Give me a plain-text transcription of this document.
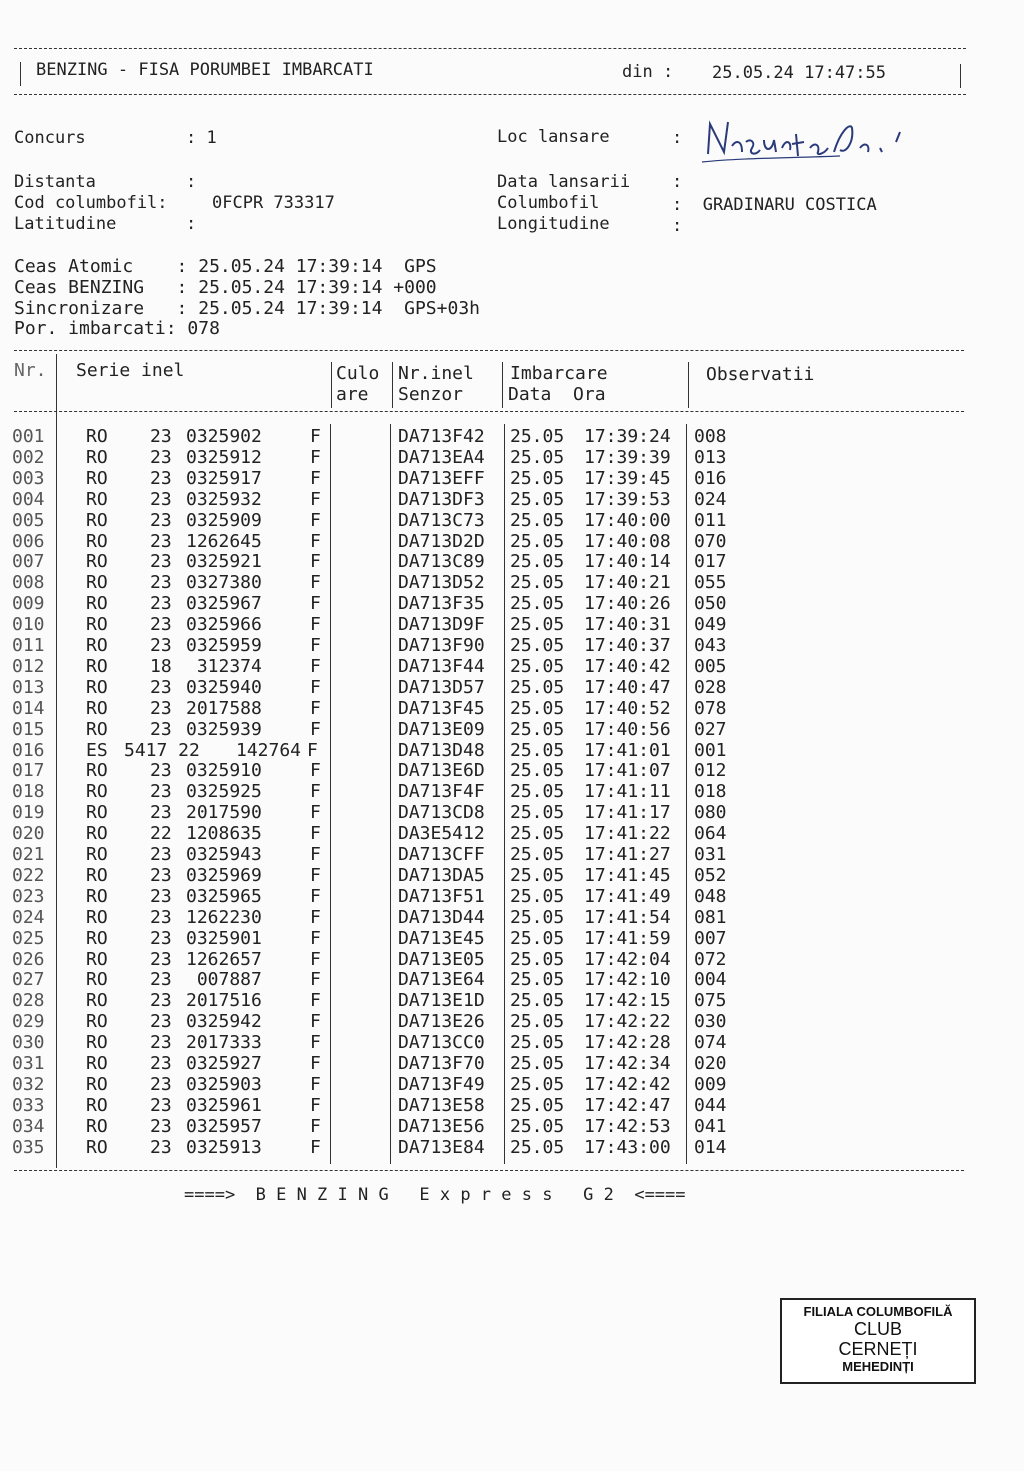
BENZING - FISA PORUMBEI IMBARCATI	din : 25.05.24 17:47:55
Concurs	: 1	Loc lansare	:
Distanta	:
Cod columbofil:	0FCPR 733317
Latitudine	:
Data lansarii :
Columbofil	:  GRADINARU COSTICA
Longitudine	:
Ceas Atomic    : 25.05.24 17:39:14  GPS
Ceas BENZING   : 25.05.24 17:39:14 +000
Sincronizare   : 25.05.24 17:39:14  GPS+03h
Por. imbarcati: 078
Nr. Serie inel	Culo
are
Nr.inel
Senzor
Imbarcare
Data  Ora
Observatii
001 RO 23 0325902	F	DA713F42 25.05 17:39:24 008
002 RO 23 0325912	F	DA713EA4 25.05 17:39:39 013
003 RO 23 0325917	F	DA713EFF 25.05 17:39:45 016
004 RO 23 0325932	F	DA713DF3 25.05 17:39:53 024
005 RO 23 0325909	F	DA713C73 25.05 17:40:00 011
006 RO 23 1262645	F	DA713D2D 25.05 17:40:08 070
007 RO 23 0325921	F	DA713C89 25.05 17:40:14 017
008 RO 23 0327380	F	DA713D52 25.05 17:40:21 055
009 RO 23 0325967	F	DA713F35 25.05 17:40:26 050
010 RO 23 0325966	F	DA713D9F 25.05 17:40:31 049
011 RO 23 0325959	F	DA713F90 25.05 17:40:37 043
012 RO 18 312374	F	DA713F44 25.05 17:40:42 005
013 RO 23 0325940	F	DA713D57 25.05 17:40:47 028
014 RO 23 2017588	F	DA713F45 25.05 17:40:52 078
015 RO 23 0325939	F	DA713E09 25.05 17:40:56 027
016 ES 5417 22 142764 F	DA713D48 25.05 17:41:01 001
017 RO 23 0325910	F	DA713E6D 25.05 17:41:07 012
018 RO 23 0325925	F	DA713F4F 25.05 17:41:11 018
019 RO 23 2017590	F	DA713CD8 25.05 17:41:17 080
020 RO 22 1208635	F	DA3E5412 25.05 17:41:22 064
021 RO 23 0325943	F	DA713CFF 25.05 17:41:27 031
022 RO 23 0325969	F	DA713DA5 25.05 17:41:45 052
023 RO 23 0325965	F	DA713F51 25.05 17:41:49 048
024 RO 23 1262230	F	DA713D44 25.05 17:41:54 081
025 RO 23 0325901	F	DA713E45 25.05 17:41:59 007
026 RO 23 1262657	F	DA713E05 25.05 17:42:04 072
027 RO 23 007887	F	DA713E64 25.05 17:42:10 004
028 RO 23 2017516	F	DA713E1D 25.05 17:42:15 075
029 RO 23 0325942	F	DA713E26 25.05 17:42:22 030
030 RO 23 2017333	F	DA713CC0 25.05 17:42:28 074
031 RO 23 0325927	F	DA713F70 25.05 17:42:34 020
032 RO 23 0325903	F	DA713F49 25.05 17:42:42 009
033 RO 23 0325961	F	DA713E58 25.05 17:42:47 044
034 RO 23 0325957	F	DA713E56 25.05 17:42:53 041
035 RO 23 0325913	F	DA713E84 25.05 17:43:00 014
====>  B E N Z I N G   E x p r e s s   G 2  <====
FILIALA COLUMBOFILĂ
CLUB
CERNEȚI
MEHEDINȚI
